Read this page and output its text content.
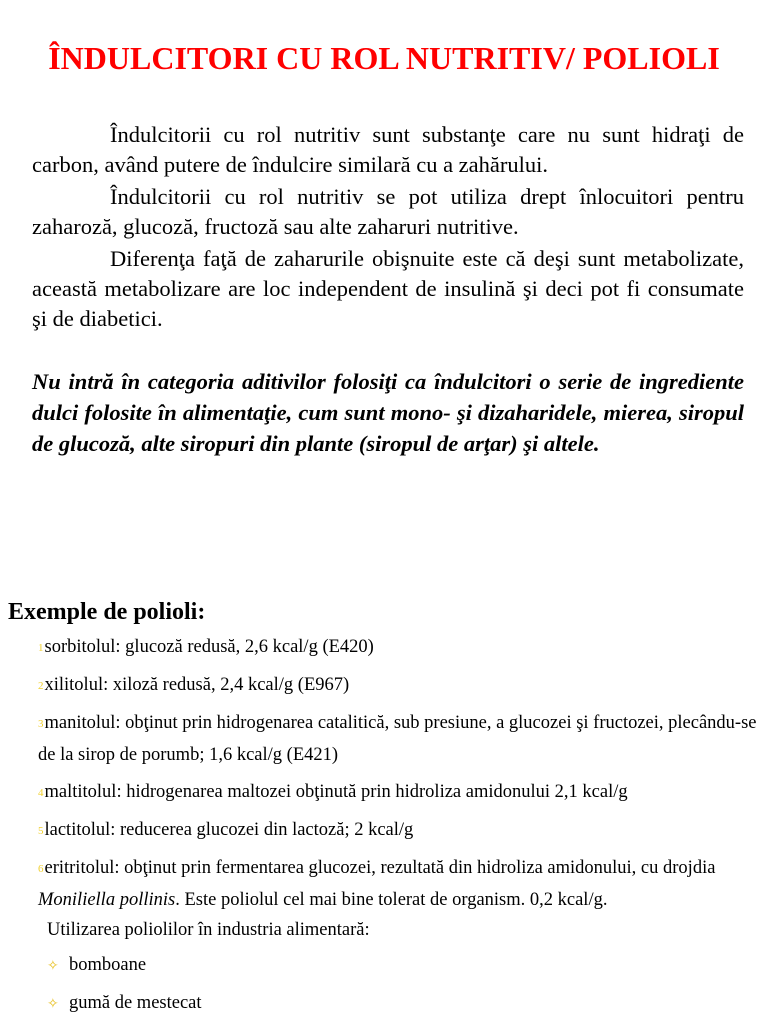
ÎNDULCITORI CU ROL NUTRITIV/ POLIOLI

Îndulcitorii cu rol nutritiv sunt substanţe care nu sunt hidraţi de carbon, având putere de îndulcire similară cu a zahărului.

Îndulcitorii cu rol nutritiv se pot utiliza drept înlocuitori pentru zaharoză, glucoză, fructoză sau alte zaharuri nutritive.

Diferenţa faţă de zaharurile obişnuite este că deşi sunt metabolizate, această metabolizare are loc independent de insulină şi deci pot fi consumate şi de diabetici.

Nu intră în categoria aditivilor folosiţi ca îndulcitori o serie de ingrediente dulci folosite în alimentaţie, cum sunt mono- şi dizaharidele, mierea, siropul de glucoză, alte siropuri din plante (siropul de arţar) şi altele.

Exemple de polioli:
1sorbitolul: glucoză redusă, 2,6 kcal/g (E420)
2xilitolul: xiloză redusă, 2,4 kcal/g (E967)
3manitolul: obţinut prin hidrogenarea catalitică, sub presiune, a glucozei şi fructozei, plecându-se de la sirop de porumb; 1,6 kcal/g (E421)
4maltitolul: hidrogenarea maltozei obţinută prin hidroliza amidonului 2,1 kcal/g
5lactitolul: reducerea glucozei din lactoză; 2 kcal/g
6eritritolul: obţinut prin fermentarea glucozei, rezultată din hidroliza amidonului, cu drojdia Moniliella pollinis. Este poliolul cel mai bine tolerat de organism. 0,2 kcal/g.

Utilizarea poliolilor în industria alimentară:

✧ bomboane
✧ gumă de mestecat
